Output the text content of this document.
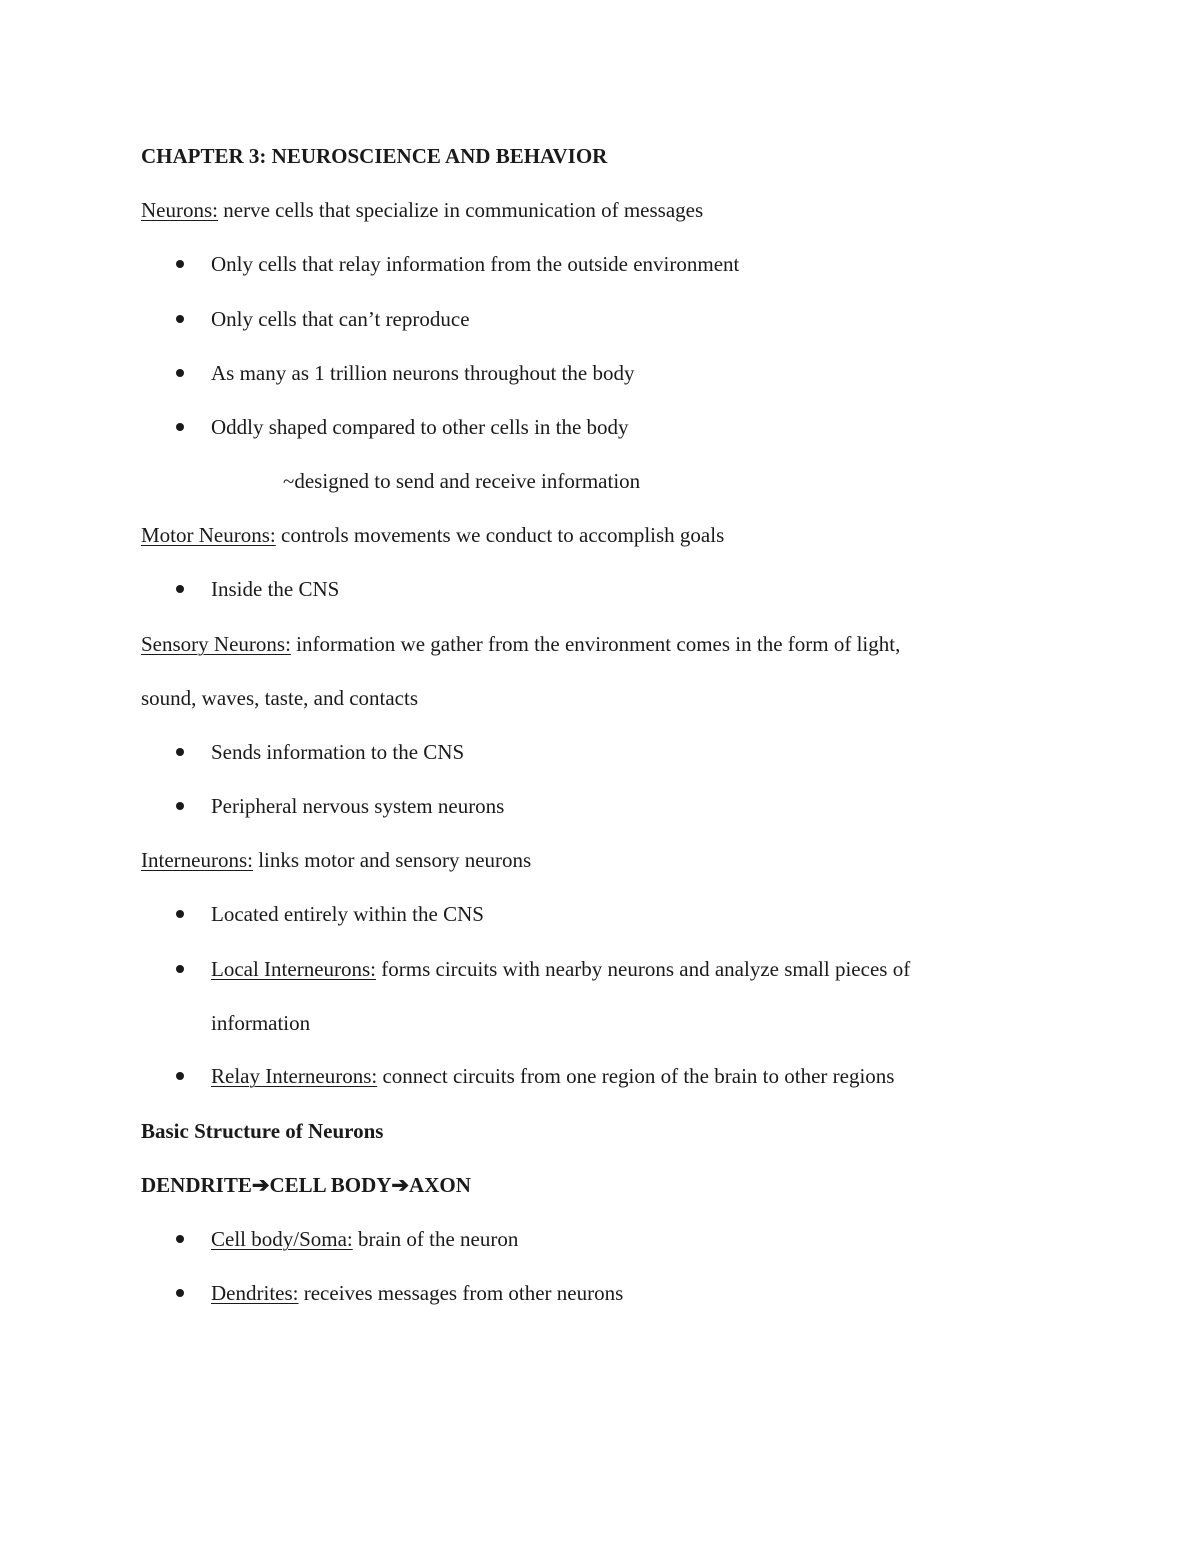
CHAPTER 3: NEUROSCIENCE AND BEHAVIOR
Neurons: nerve cells that specialize in communication of messages
Only cells that relay information from the outside environment
Only cells that can’t reproduce
As many as 1 trillion neurons throughout the body
Oddly shaped compared to other cells in the body
~designed to send and receive information
Motor Neurons: controls movements we conduct to accomplish goals
Inside the CNS
Sensory Neurons: information we gather from the environment comes in the form of light,
sound, waves, taste, and contacts
Sends information to the CNS
Peripheral nervous system neurons
Interneurons: links motor and sensory neurons
Located entirely within the CNS
Local Interneurons: forms circuits with nearby neurons and analyze small pieces of
information
Relay Interneurons: connect circuits from one region of the brain to other regions
Basic Structure of Neurons
DENDRITE➔CELL BODY➔AXON
Cell body/Soma: brain of the neuron
Dendrites: receives messages from other neurons
